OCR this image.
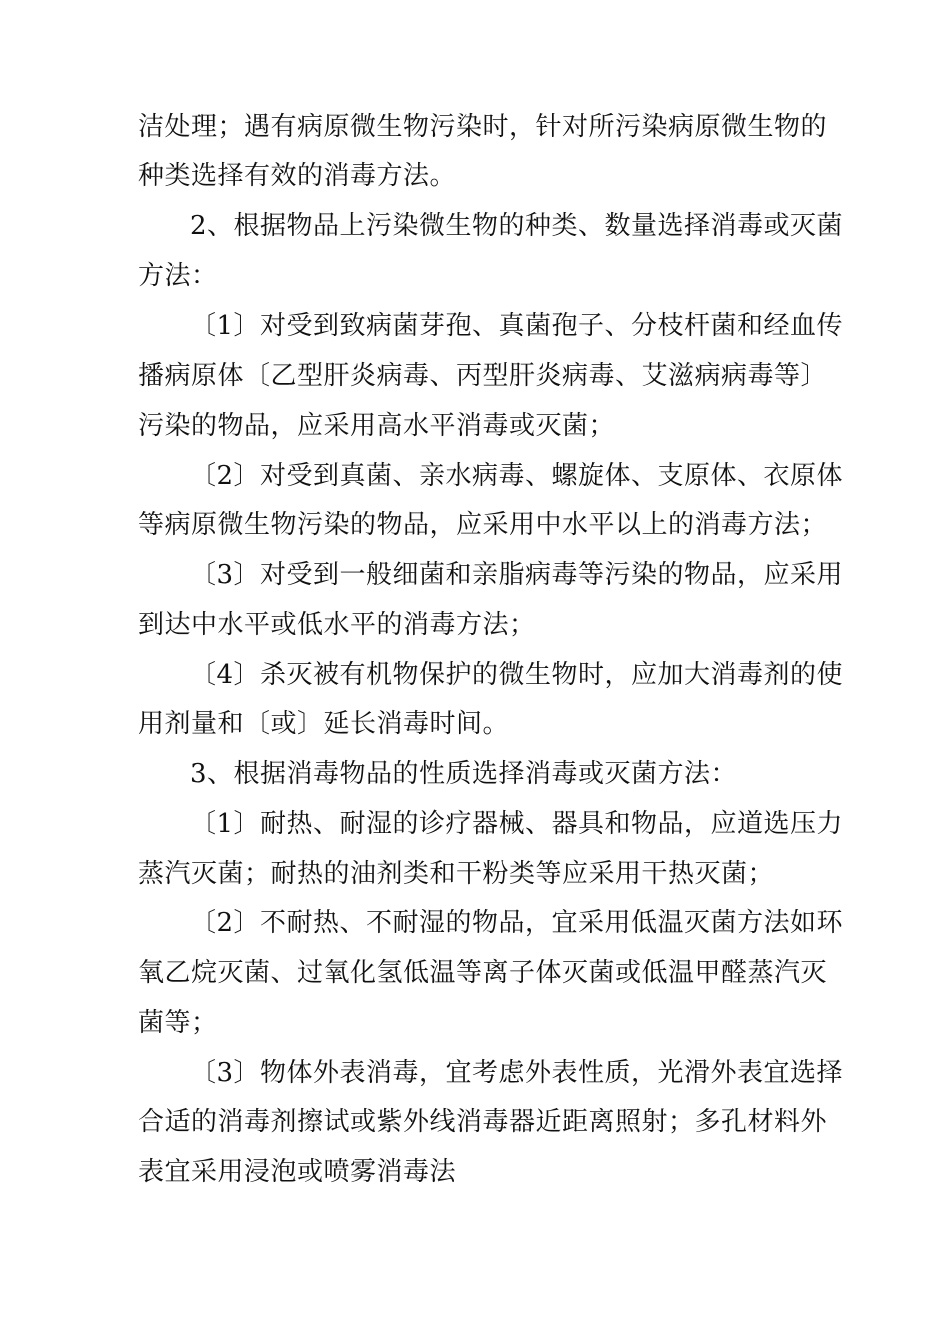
洁处理；遇有病原微生物污染时，针对所污染病原微生物的
种类选择有效的消毒方法。
2、根据物品上污染微生物的种类、数量选择消毒或灭菌
方法：
〔1〕对受到致病菌芽孢、真菌孢子、分枝杆菌和经血传
播病原体〔乙型肝炎病毒、丙型肝炎病毒、艾滋病病毒等〕
污染的物品，应采用高水平消毒或灭菌；
〔2〕对受到真菌、亲水病毒、螺旋体、支原体、衣原体
等病原微生物污染的物品，应采用中水平以上的消毒方法；
〔3〕对受到一般细菌和亲脂病毒等污染的物品，应采用
到达中水平或低水平的消毒方法；
〔4〕杀灭被有机物保护的微生物时，应加大消毒剂的使
用剂量和〔或〕延长消毒时间。
3、根据消毒物品的性质选择消毒或灭菌方法：
〔1〕耐热、耐湿的诊疗器械、器具和物品，应道选压力
蒸汽灭菌；耐热的油剂类和干粉类等应采用干热灭菌；
〔2〕不耐热、不耐湿的物品，宜采用低温灭菌方法如环
氧乙烷灭菌、过氧化氢低温等离子体灭菌或低温甲醛蒸汽灭
菌等；
〔3〕物体外表消毒，宜考虑外表性质，光滑外表宜选择
合适的消毒剂擦试或紫外线消毒器近距离照射；多孔材料外
表宜采用浸泡或喷雾消毒法
